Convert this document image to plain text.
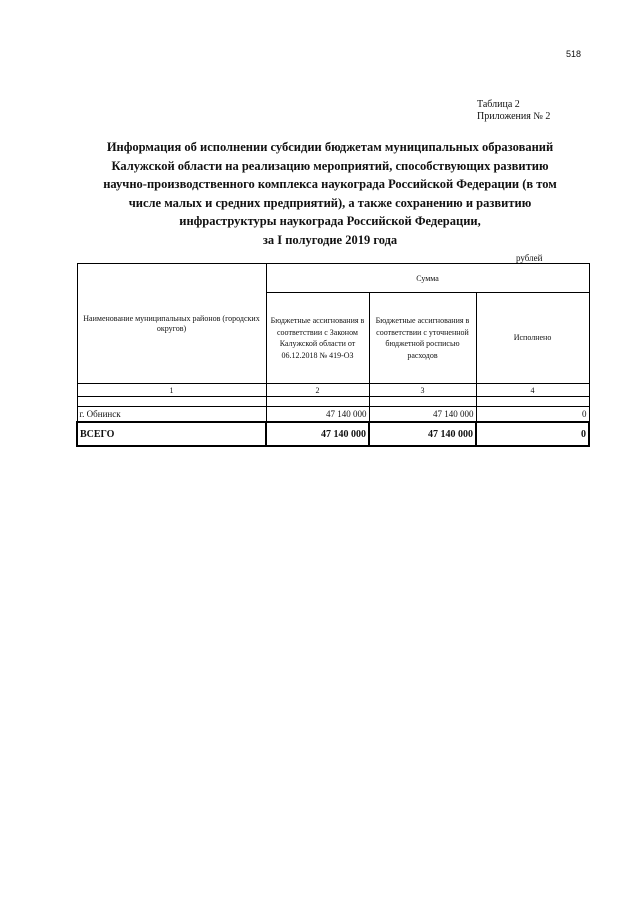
518
Таблица 2
Приложения № 2
Информация об исполнении субсидии бюджетам муниципальных образований
Калужской области на реализацию мероприятий, способствующих развитию
научно-производственного комплекса наукограда Российской Федерации (в том
числе малых и средних предприятий), а также сохранению и развитию
инфраструктуры наукограда Российской Федерации,
за I полугодие 2019 года
рублей
Наименование муниципальных районов (городских округов)	Сумма		
	Бюджетные ассигнования в соответствии с Законом Калужской области от 06.12.2018 № 419-ОЗ	Бюджетные ассигнования в соответствии с уточненной бюджетной росписью расходов	Исполнено
1	2	3	4

г. Обнинск	47 140 000	47 140 000	0
ВСЕГО	47 140 000	47 140 000	0
